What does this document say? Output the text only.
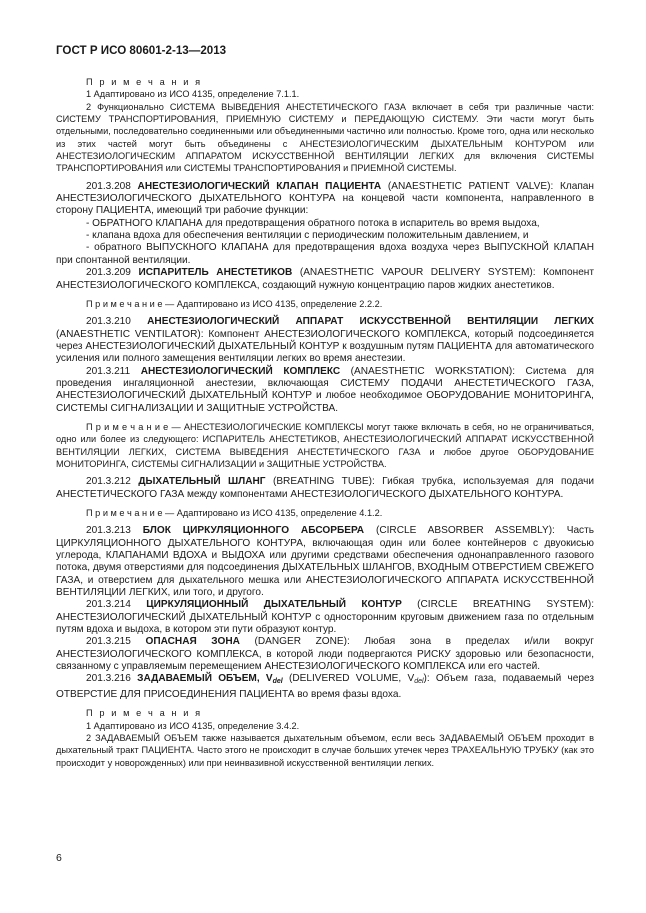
ГОСТ Р ИСО 80601-2-13—2013

П р и м е ч а н и я

1 Адаптировано из ИСО 4135, определение 7.1.1.

2 Функционально СИСТЕМА ВЫВЕДЕНИЯ АНЕСТЕТИЧЕСКОГО ГАЗА включает в себя три различные части: СИСТЕМУ ТРАНСПОРТИРОВАНИЯ, ПРИЕМНУЮ СИСТЕМУ и ПЕРЕДАЮЩУЮ СИСТЕМУ. Эти части могут быть отдельными, последовательно соединенными или объединенными частично или полностью. Кроме того, одна или несколько из этих частей могут быть объединены с АНЕСТЕЗИОЛОГИЧЕСКИМ ДЫХАТЕЛЬНЫМ КОНТУРОМ или АНЕСТЕЗИОЛОГИЧЕСКИМ АППАРАТОМ ИСКУССТВЕННОЙ ВЕНТИЛЯЦИИ ЛЕГКИХ для включения СИСТЕМЫ ТРАНСПОРТИРОВАНИЯ или СИСТЕМЫ ТРАНСПОРТИРОВАНИЯ и ПРИЕМНОЙ СИСТЕМЫ.

201.3.208 АНЕСТЕЗИОЛОГИЧЕСКИЙ КЛАПАН ПАЦИЕНТА (ANAESTHETIC PATIENT VALVE): Клапан АНЕСТЕЗИОЛОГИЧЕСКОГО ДЫХАТЕЛЬНОГО КОНТУРА на концевой части компонента, направленного в сторону ПАЦИЕНТА, имеющий три рабочие функции:

- ОБРАТНОГО КЛАПАНА для предотвращения обратного потока в испаритель во время выдоха,

- клапана вдоха для обеспечения вентиляции с периодическим положительным давлением, и

- обратного ВЫПУСКНОГО КЛАПАНА для предотвращения вдоха воздуха через ВЫПУСКНОЙ КЛАПАН при спонтанной вентиляции.

201.3.209 ИСПАРИТЕЛЬ АНЕСТЕТИКОВ (ANAESTHETIC VAPOUR DELIVERY SYSTEM): Компонент АНЕСТЕЗИОЛОГИЧЕСКОГО КОМПЛЕКСА, создающий нужную концентрацию паров жидких анестетиков.

П р и м е ч а н и е — Адаптировано из ИСО 4135, определение 2.2.2.

201.3.210 АНЕСТЕЗИОЛОГИЧЕСКИЙ АППАРАТ ИСКУССТВЕННОЙ ВЕНТИЛЯЦИИ ЛЕГКИХ (ANAESTHETIC VENTILATOR): Компонент АНЕСТЕЗИОЛОГИЧЕСКОГО КОМПЛЕКСА, который подсоединяется через АНЕСТЕЗИОЛОГИЧЕСКИЙ ДЫХАТЕЛЬНЫЙ КОНТУР к воздушным путям ПАЦИЕНТА для автоматического усиления или полного замещения вентиляции легких во время анестезии.

201.3.211 АНЕСТЕЗИОЛОГИЧЕСКИЙ КОМПЛЕКС (ANAESTHETIC WORKSTATION): Система для проведения ингаляционной анестезии, включающая СИСТЕМУ ПОДАЧИ АНЕСТЕТИЧЕСКОГО ГАЗА, АНЕСТЕЗИОЛОГИЧЕСКИЙ ДЫХАТЕЛЬНЫЙ КОНТУР и любое необходимое ОБОРУДОВАНИЕ МОНИТОРИНГА, СИСТЕМЫ СИГНАЛИЗАЦИИ И ЗАЩИТНЫЕ УСТРОЙСТВА.

П р и м е ч а н и е — АНЕСТЕЗИОЛОГИЧЕСКИЕ КОМПЛЕКСЫ могут также включать в себя, но не ограничиваться, одно или более из следующего: ИСПАРИТЕЛЬ АНЕСТЕТИКОВ, АНЕСТЕЗИОЛОГИЧЕСКИЙ АППАРАТ ИСКУССТВЕННОЙ ВЕНТИЛЯЦИИ ЛЕГКИХ, СИСТЕМА ВЫВЕДЕНИЯ АНЕСТЕТИЧЕСКОГО ГАЗА и любое другое ОБОРУДОВАНИЕ МОНИТОРИНГА, СИСТЕМЫ СИГНАЛИЗАЦИИ и ЗАЩИТНЫЕ УСТРОЙСТВА.

201.3.212 ДЫХАТЕЛЬНЫЙ ШЛАНГ (BREATHING TUBE): Гибкая трубка, используемая для подачи АНЕСТЕТИЧЕСКОГО ГАЗА между компонентами АНЕСТЕЗИОЛОГИЧЕСКОГО ДЫХАТЕЛЬНОГО КОНТУРА.

П р и м е ч а н и е — Адаптировано из ИСО 4135, определение 4.1.2.

201.3.213 БЛОК ЦИРКУЛЯЦИОННОГО АБСОРБЕРА (CIRCLE ABSORBER ASSEMBLY): Часть ЦИРКУЛЯЦИОННОГО ДЫХАТЕЛЬНОГО КОНТУРА, включающая один или более контейнеров с двуокисью углерода, КЛАПАНАМИ ВДОХА и ВЫДОХА или другими средствами обеспечения однонаправленного газового потока, двумя отверстиями для подсоединения ДЫХАТЕЛЬНЫХ ШЛАНГОВ, ВХОДНЫМ ОТВЕРСТИЕМ СВЕЖЕГО ГАЗА, и отверстием для дыхательного мешка или АНЕСТЕЗИОЛОГИЧЕСКОГО АППАРАТА ИСКУССТВЕННОЙ ВЕНТИЛЯЦИИ ЛЕГКИХ, или того, и другого.

201.3.214 ЦИРКУЛЯЦИОННЫЙ ДЫХАТЕЛЬНЫЙ КОНТУР (CIRCLE BREATHING SYSTEM): АНЕСТЕЗИОЛОГИЧЕСКИЙ ДЫХАТЕЛЬНЫЙ КОНТУР с односторонним круговым движением газа по отдельным путям вдоха и выдоха, в котором эти пути образуют контур.

201.3.215 ОПАСНАЯ ЗОНА (DANGER ZONE): Любая зона в пределах и/или вокруг АНЕСТЕЗИОЛОГИЧЕСКОГО КОМПЛЕКСА, в которой люди подвергаются РИСКУ здоровью или безопасности, связанному с управляемым перемещением АНЕСТЕЗИОЛОГИЧЕСКОГО КОМПЛЕКСА или его частей.

201.3.216 ЗАДАВАЕМЫЙ ОБЪЕМ, $V_{del}$ (DELIVERED VOLUME, $V_{del}$): Объем газа, подаваемый через ОТВЕРСТИЕ ДЛЯ ПРИСОЕДИНЕНИЯ ПАЦИЕНТА во время фазы вдоха.

П р и м е ч а н и я

1 Адаптировано из ИСО 4135, определение 3.4.2.

2 ЗАДАВАЕМЫЙ ОБЪЕМ также называется дыхательным объемом, если весь ЗАДАВАЕМЫЙ ОБЪЕМ проходит в дыхательный тракт ПАЦИЕНТА. Часто этого не происходит в случае больших утечек через ТРАХЕАЛЬНУЮ ТРУБКУ (как это происходит у новорожденных) или при неинвазивной искусственной вентиляции легких.

6
